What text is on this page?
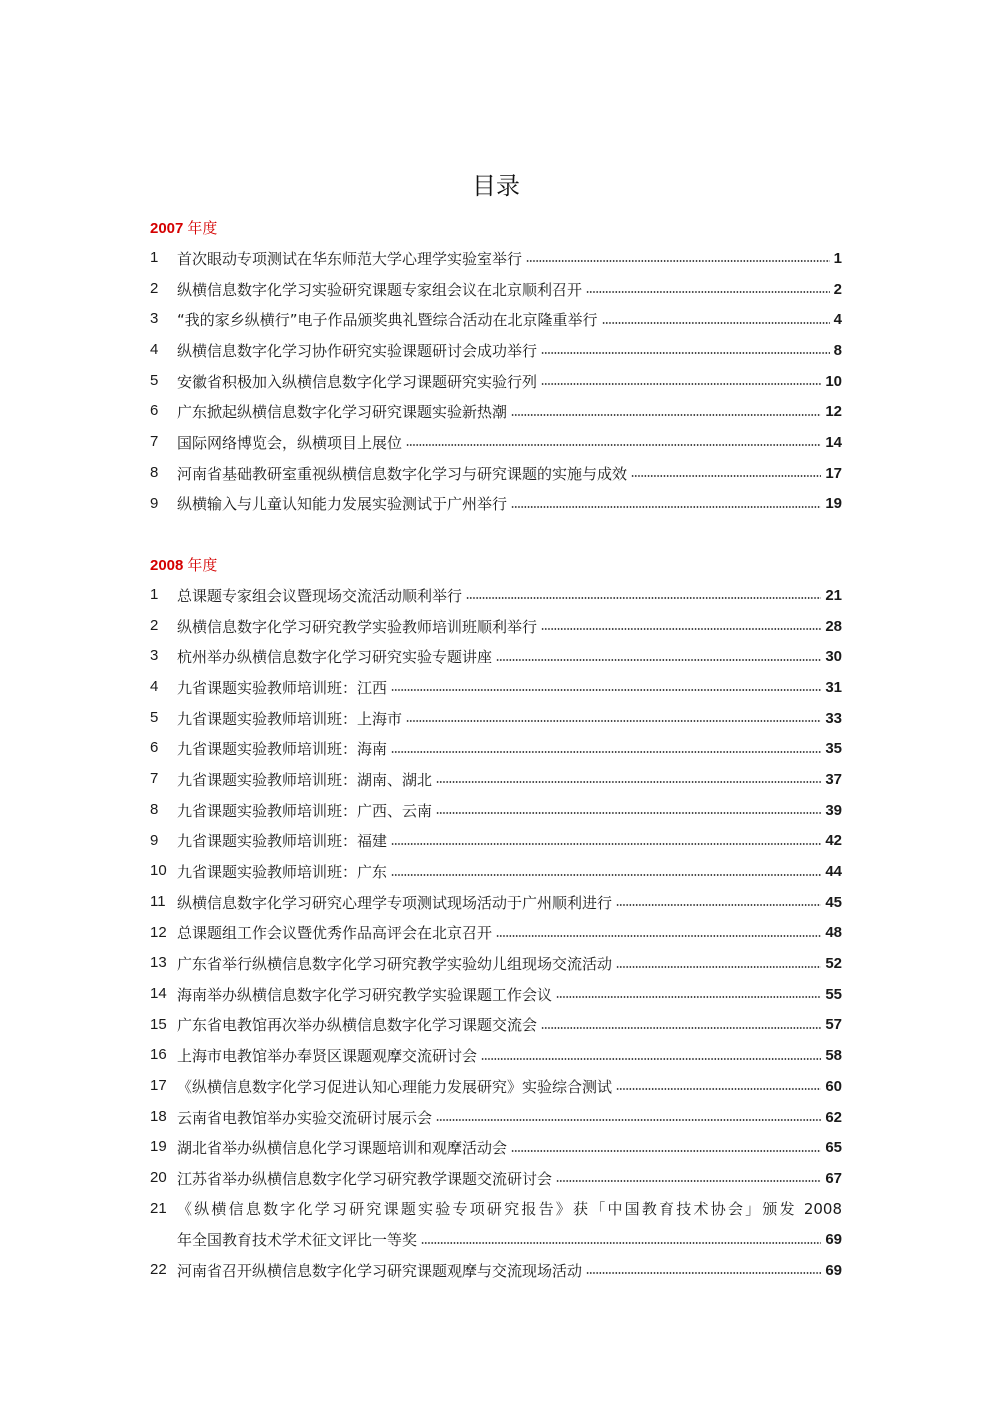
目录
2007 年度
1 首次眼动专项测试在华东师范大学心理学实验室举行	1
2 纵横信息数字化学习实验研究课题专家组会议在北京顺利召开	2
3 “我的家乡纵横行”电子作品颁奖典礼暨综合活动在北京隆重举行	4
4 纵横信息数字化学习协作研究实验课题研讨会成功举行	8
5 安徽省积极加入纵横信息数字化学习课题研究实验行列	10
6 广东掀起纵横信息数字化学习研究课题实验新热潮	12
7 国际网络博览会，纵横项目上展位	14
8 河南省基础教研室重视纵横信息数字化学习与研究课题的实施与成效	17
9 纵横输入与儿童认知能力发展实验测试于广州举行	19
2008 年度
1 总课题专家组会议暨现场交流活动顺利举行	21
2 纵横信息数字化学习研究教学实验教师培训班顺利举行	28
3 杭州举办纵横信息数字化学习研究实验专题讲座	30
4 九省课题实验教师培训班：江西	31
5 九省课题实验教师培训班：上海市	33
6 九省课题实验教师培训班：海南	35
7 九省课题实验教师培训班：湖南、湖北	37
8 九省课题实验教师培训班：广西、云南	39
9 九省课题实验教师培训班：福建	42
10 九省课题实验教师培训班：广东	44
11 纵横信息数字化学习研究心理学专项测试现场活动于广州顺利进行	45
12 总课题组工作会议暨优秀作品高评会在北京召开	48
13 广东省举行纵横信息数字化学习研究教学实验幼儿组现场交流活动	52
14 海南举办纵横信息数字化学习研究教学实验课题工作会议	55
15 广东省电教馆再次举办纵横信息数字化学习课题交流会	57
16 上海市电教馆举办奉贤区课题观摩交流研讨会	58
17 《纵横信息数字化学习促进认知心理能力发展研究》实验综合测试	60
18 云南省电教馆举办实验交流研讨展示会	62
19 湖北省举办纵横信息化学习课题培训和观摩活动会	65
20 江苏省举办纵横信息数字化学习研究教学课题交流研讨会	67
21 《纵横信息数字化学习研究课题实验专项研究报告》获「中国教育技术协会」颁发 2008
年全国教育技术学术征文评比一等奖	69
22 河南省召开纵横信息数字化学习研究课题观摩与交流现场活动	69
